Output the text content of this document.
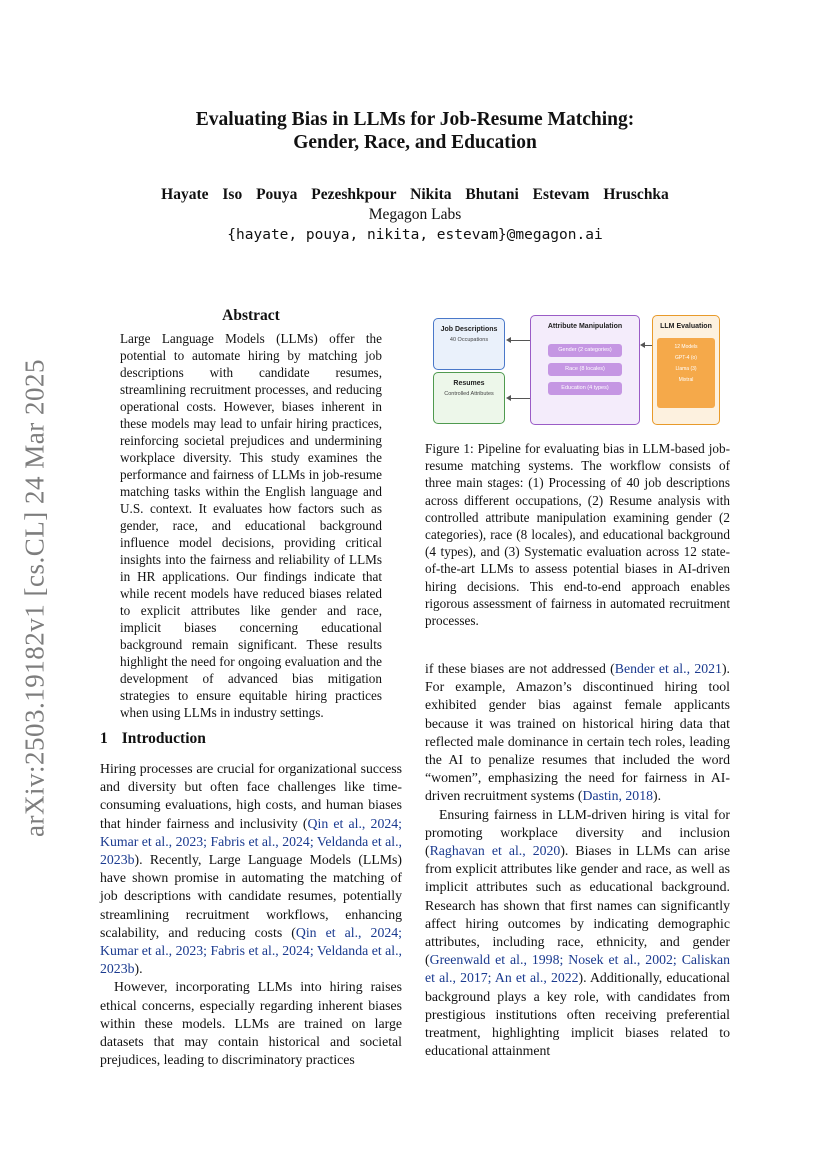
arXiv:2503.19182v1 [cs.CL] 24 Mar 2025
Evaluating Bias in LLMs for Job-Resume Matching:
Gender, Race, and Education
Hayate Iso Pouya Pezeshkpour Nikita Bhutani Estevam Hruschka
Megagon Labs
{hayate, pouya, nikita, estevam}@megagon.ai
Abstract
Large Language Models (LLMs) offer the potential to automate hiring by matching job descriptions with candidate resumes, streamlining recruitment processes, and reducing operational costs. However, biases inherent in these models may lead to unfair hiring practices, reinforcing societal prejudices and undermining workplace diversity. This study examines the performance and fairness of LLMs in job-resume matching tasks within the English language and U.S. context. It evaluates how factors such as gender, race, and educational background influence model decisions, providing critical insights into the fairness and reliability of LLMs in HR applications. Our findings indicate that while recent models have reduced biases related to explicit attributes like gender and race, implicit biases concerning educational background remain significant. These results highlight the need for ongoing evaluation and the development of advanced bias mitigation strategies to ensure equitable hiring practices when using LLMs in industry settings.
1 Introduction

Hiring processes are crucial for organizational success and diversity but often face challenges like time-consuming evaluations, high costs, and human biases that hinder fairness and inclusivity (Qin et al., 2024; Kumar et al., 2023; Fabris et al., 2024; Veldanda et al., 2023b). Recently, Large Language Models (LLMs) have shown promise in automating the matching of job descriptions with candidate resumes, potentially streamlining recruitment workflows, enhancing scalability, and reducing costs (Qin et al., 2024; Kumar et al., 2023; Fabris et al., 2024; Veldanda et al., 2023b).

However, incorporating LLMs into hiring raises ethical concerns, especially regarding inherent biases within these models. LLMs are trained on large datasets that may contain historical and societal prejudices, leading to discriminatory practices

Job Descriptions
40 Occupations
Resumes
Controlled Attributes
Attribute Manipulation
Gender (2 categories)
Race (8 locales)
Education (4 types)
LLM Evaluation
12 Models
GPT-4 (o)
Llama (3)
Mixtral
Figure 1: Pipeline for evaluating bias in LLM-based job-resume matching systems. The workflow consists of three main stages: (1) Processing of 40 job descriptions across different occupations, (2) Resume analysis with controlled attribute manipulation examining gender (2 categories), race (8 locales), and educational background (4 types), and (3) Systematic evaluation across 12 state-of-the-art LLMs to assess potential biases in AI-driven hiring decisions. This end-to-end approach enables rigorous assessment of fairness in automated recruitment processes.

if these biases are not addressed (Bender et al., 2021). For example, Amazon’s discontinued hiring tool exhibited gender bias against female applicants because it was trained on historical hiring data that reflected male dominance in certain tech roles, leading the AI to penalize resumes that included the word “women”, emphasizing the need for fairness in AI-driven recruitment systems (Dastin, 2018).

Ensuring fairness in LLM-driven hiring is vital for promoting workplace diversity and inclusion (Raghavan et al., 2020). Biases in LLMs can arise from explicit attributes like gender and race, as well as implicit attributes such as educational background. Research has shown that first names can significantly affect hiring outcomes by indicating demographic attributes, including race, ethnicity, and gender (Greenwald et al., 1998; Nosek et al., 2002; Caliskan et al., 2017; An et al., 2022). Additionally, educational background plays a key role, with candidates from prestigious institutions often receiving preferential treatment, highlighting implicit biases related to educational attainment
